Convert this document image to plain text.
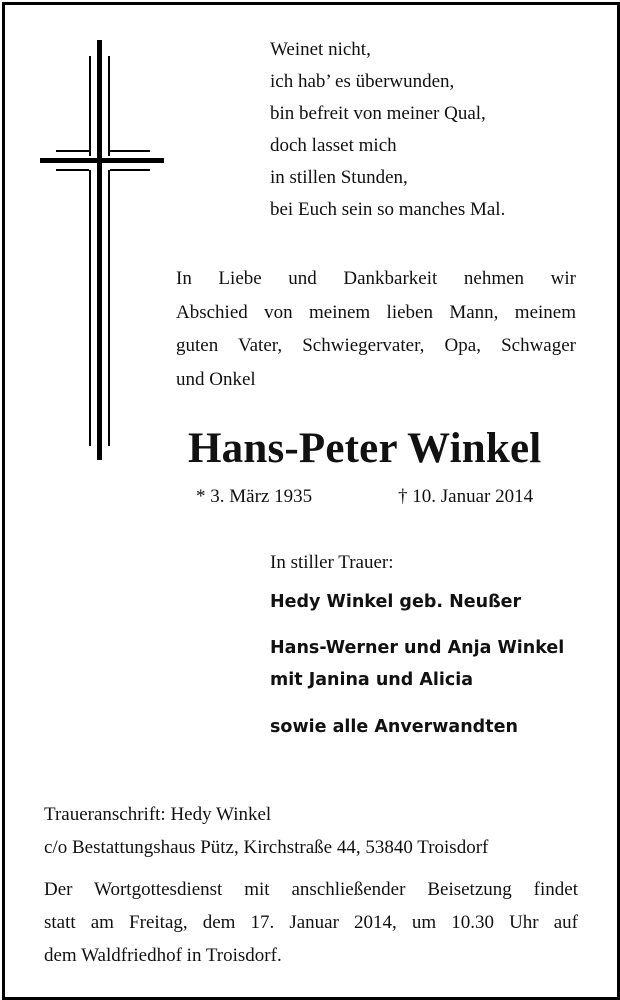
Weinet nicht,
ich hab’ es überwunden,
bin befreit von meiner Qual,
doch lasset mich
in stillen Stunden,
bei Euch sein so manches Mal.
In Liebe und Dankbarkeit nehmen wir
Abschied von meinem lieben Mann, meinem
guten Vater, Schwiegervater, Opa, Schwager
und Onkel
Hans-Peter Winkel
* 3. März 1935	† 10. Januar 2014
In stiller Trauer:
Hedy Winkel geb. Neußer
Hans-Werner und Anja Winkel
mit Janina und Alicia
sowie alle Anverwandten
Traueranschrift: Hedy Winkel
c/o Bestattungshaus Pütz, Kirchstraße 44, 53840 Troisdorf
Der Wortgottesdienst mit anschließender Beisetzung findet
statt am Freitag, dem 17. Januar 2014, um 10.30 Uhr auf
dem Waldfriedhof in Troisdorf.
